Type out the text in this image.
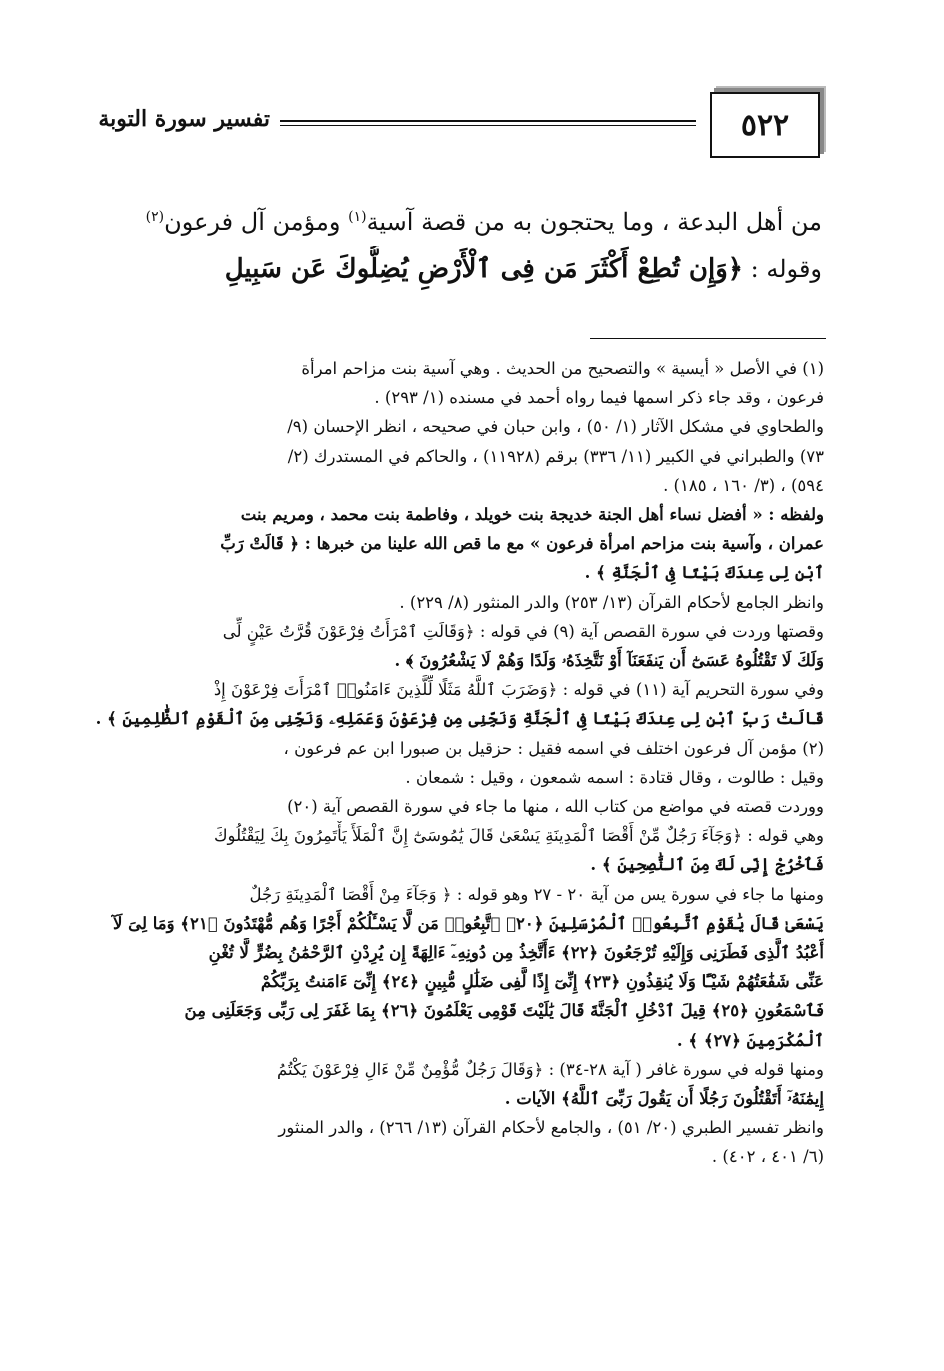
٥٢٢
تفسير سورة التوبة

من أهل البدعة ، وما يحتجون به من قصة آسية$^{(١)}$ ومؤمن آل فرعون$^{(٢)}$

وقوله : ﴿وَإِن تُطِعْ أَكْثَرَ مَن فِى ٱلْأَرْضِ يُضِلُّوكَ عَن سَبِيلِ

(١) في الأصل « أيسية » والتصحيح من الحديث . وهي آسية بنت مزاحم امرأة

فرعون ، وقد جاء ذكر اسمها فيما رواه أحمد في مسنده (١/ ٢٩٣) .

والطحاوي في مشكل الآثار (١/ ٥٠) ، وابن حبان في صحيحه ، انظر الإحسان (٩/

٧٣) والطبراني في الكبير (١١/ ٣٣٦) برقم (١١٩٢٨) ، والحاكم في المستدرك (٢/

٥٩٤) ، (٣/ ١٦٠ ، ١٨٥) .

ولفظه : « أفضل نساء أهل الجنة خديجة بنت خويلد ، وفاطمة بنت محمد ، ومريم بنت

عمران ، وآسية بنت مزاحم امرأة فرعون » مع ما قص الله علينا من خبرها : ﴿ قَالَتْ رَبِّ

ٱبْنِ لِى عِندَكَ بَيْتًا فِى ٱلْجَنَّةِ ﴾ .

وانظر الجامع لأحكام القرآن (١٣/ ٢٥٣) والدر المنثور (٨/ ٢٢٩) .

وقصتها وردت في سورة القصص آية (٩) في قوله : ﴿وَقَالَتِ ٱمْرَأَتُ فِرْعَوْنَ قُرَّتُ عَيْنٍ لِّى

وَلَكَ لَا تَقْتُلُوهُ عَسَىٰٓ أَن يَنفَعَنَآ أَوْ نَتَّخِذَهُۥ وَلَدًا وَهُمْ لَا يَشْعُرُونَ ﴾ .

وفي سورة التحريم آية (١١) في قوله : ﴿وَضَرَبَ ٱللَّهُ مَثَلًا لِّلَّذِينَ ءَامَنُوا۟ ٱمْرَأَتَ فِرْعَوْنَ إِذْ

قَالَتْ رَبِّ ٱبْنِ لِى عِندَكَ بَيْتًا فِى ٱلْجَنَّةِ وَنَجِّنِى مِن فِرْعَوْنَ وَعَمَلِهِۦ وَنَجِّنِى مِنَ ٱلْقَوْمِ ٱلظَّٰلِمِينَ ﴾ .

(٢) مؤمن آل فرعون اختلف في اسمه فقيل : حزقيل بن صبورا ابن عم فرعون ،

وقيل : طالوت ، وقال قتادة : اسمه شمعون ، وقيل : شمعان .

ووردت قصته في مواضع من كتاب الله ، منها ما جاء في سورة القصص آية (٢٠)

وهي قوله : ﴿وَجَآءَ رَجُلٌ مِّنْ أَقْصَا ٱلْمَدِينَةِ يَسْعَىٰ قَالَ يَٰمُوسَىٰٓ إِنَّ ٱلْمَلَأَ يَأْتَمِرُونَ بِكَ لِيَقْتُلُوكَ

فَٱخْرُجْ إِنِّى لَكَ مِنَ ٱلنَّٰصِحِينَ ﴾ .

ومنها ما جاء في سورة يس من آية ٢٠ - ٢٧ وهو قوله : ﴿ وَجَآءَ مِنْ أَقْصَا ٱلْمَدِينَةِ رَجُلٌ

يَسْعَىٰ قَالَ يَٰقَوْمِ ٱتَّبِعُوا۟ ٱلْمُرْسَلِينَ ﴿٢٠﴾ ٱتَّبِعُوا۟ مَن لَّا يَسْـَٔلُكُمْ أَجْرًا وَهُم مُّهْتَدُونَ ﴿٢١﴾ وَمَا لِىَ لَآ

أَعْبُدُ ٱلَّذِى فَطَرَنِى وَإِلَيْهِ تُرْجَعُونَ ﴿٢٢﴾ ءَأَتَّخِذُ مِن دُونِهِۦٓ ءَالِهَةً إِن يُرِدْنِ ٱلرَّحْمَٰنُ بِضُرٍّ لَّا تُغْنِ

عَنِّى شَفَٰعَتُهُمْ شَيْـًٔا وَلَا يُنقِذُونِ ﴿٢٣﴾ إِنِّىٓ إِذًا لَّفِى ضَلَٰلٍ مُّبِينٍ ﴿٢٤﴾ إِنِّىٓ ءَامَنتُ بِرَبِّكُمْ

فَٱسْمَعُونِ ﴿٢٥﴾ قِيلَ ٱدْخُلِ ٱلْجَنَّةَ قَالَ يَٰلَيْتَ قَوْمِى يَعْلَمُونَ ﴿٢٦﴾ بِمَا غَفَرَ لِى رَبِّى وَجَعَلَنِى مِنَ

ٱلْمُكْرَمِينَ ﴿٢٧﴾ ﴾ .

ومنها قوله في سورة غافر ( آية ٢٨-٣٤) : ﴿وَقَالَ رَجُلٌ مُّؤْمِنٌ مِّنْ ءَالِ فِرْعَوْنَ يَكْتُمُ

إِيمَٰنَهُۥٓ أَتَقْتُلُونَ رَجُلًا أَن يَقُولَ رَبِّىَ ٱللَّهُ﴾ الآيات .

وانظر تفسير الطبري (٢٠/ ٥١) ، والجامع لأحكام القرآن (١٣/ ٢٦٦) ، والدر المنثور

(٦/ ٤٠١ ، ٤٠٢) .
